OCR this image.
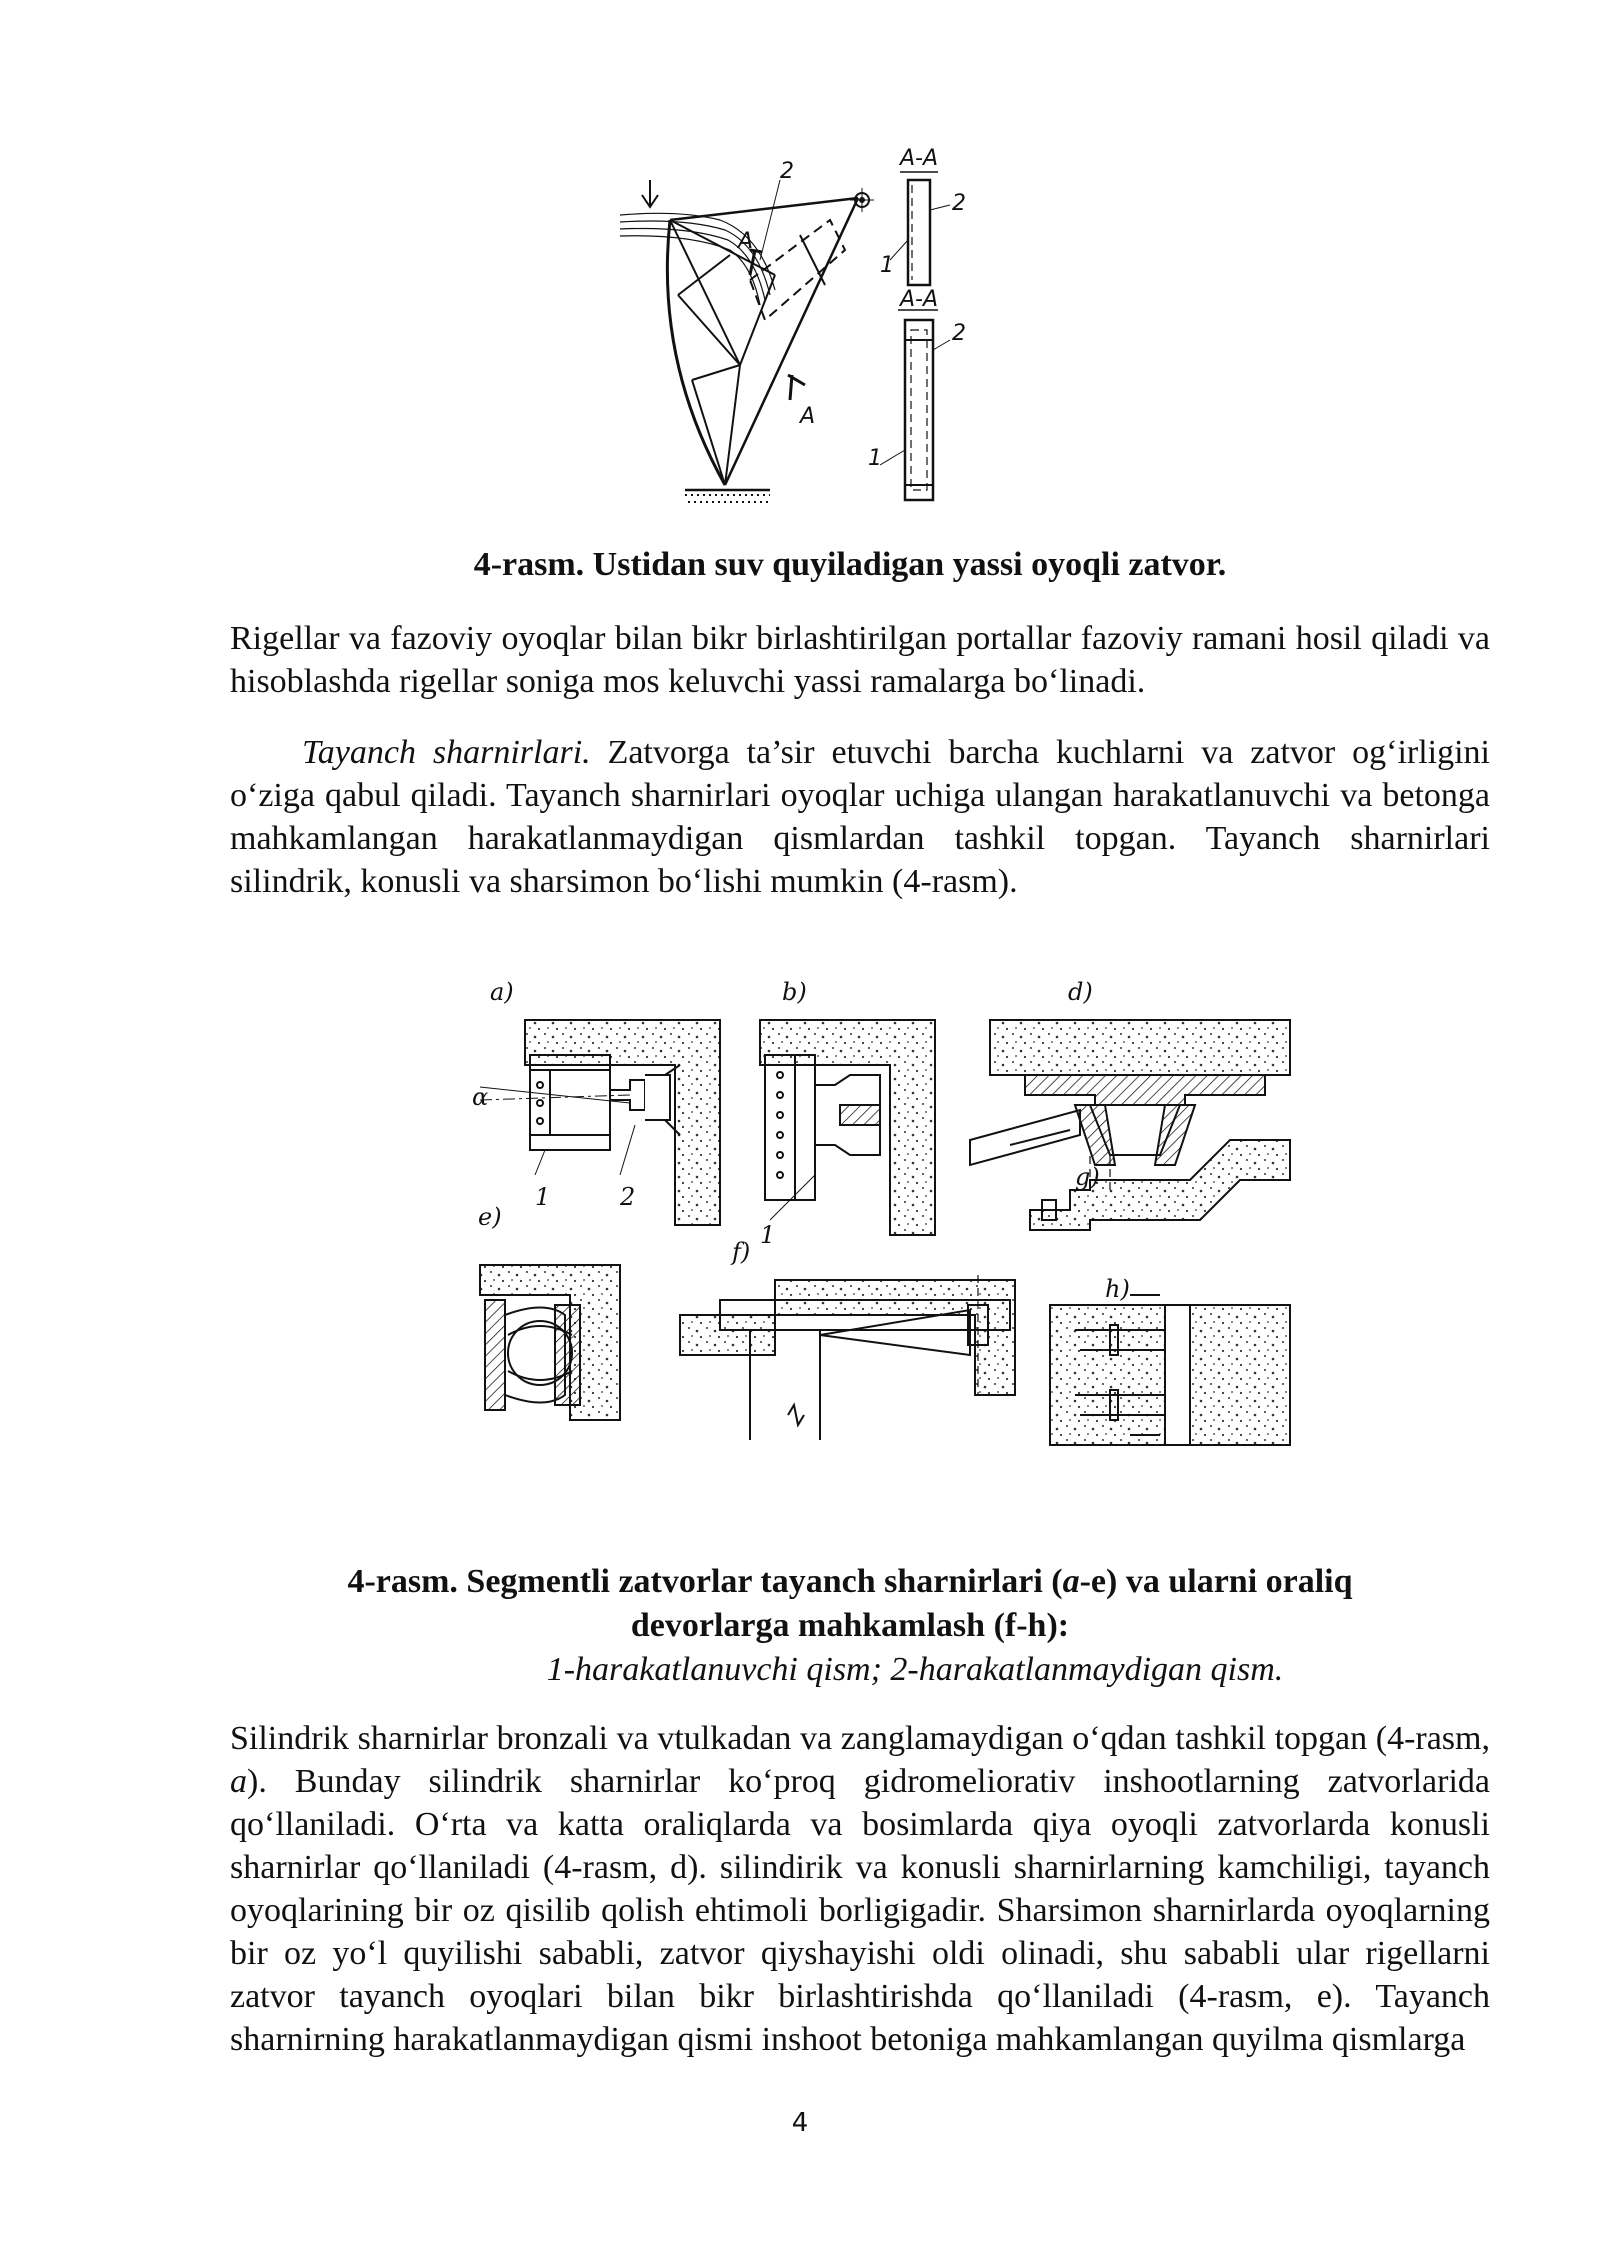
A-A
A-A
A
A
2
1
2
1
2
4-rasm. Ustidan suv quyiladigan yassi oyoqli zatvor.

Rigellar va fazoviy oyoqlar bilan bikr birlashtirilgan portallar fazoviy ramani hosil qiladi va hisoblashda rigellar soniga mos keluvchi yassi ramalarga bo‘linadi.

Tayanch sharnirlari. Zatvorga ta’sir etuvchi barcha kuchlarni va zatvor og‘irligini o‘ziga qabul qiladi. Tayanch sharnirlari oyoqlar uchiga ulangan harakatlanuvchi va betonga mahkamlangan harakatlanmaydigan qismlardan tashkil topgan. Tayanch sharnirlari silindrik, konusli va sharsimon bo‘lishi mumkin (4-rasm).

a)	b)	d)
e)
f)
g)
h)
1	2
1
α
4-rasm. Segmentli zatvorlar tayanch sharnirlari (a-e) va ularni oraliq
devorlarga mahkamlash (f-h):
1-harakatlanuvchi qism; 2-harakatlanmaydigan qism.

Silindrik sharnirlar bronzali va vtulkadan va zanglamaydigan o‘qdan tashkil topgan (4-rasm, a). Bunday silindrik sharnirlar ko‘proq gidromeliorativ inshootlarning zatvorlarida qo‘llaniladi. O‘rta va katta oraliqlarda va bosimlarda qiya oyoqli zatvorlarda konusli sharnirlar qo‘llaniladi (4-rasm, d). silindirik va konusli sharnirlarning kamchiligi, tayanch oyoqlarining bir oz qisilib qolish ehtimoli borligigadir. Sharsimon sharnirlarda oyoqlarning bir oz yo‘l quyilishi sababli, zatvor qiyshayishi oldi olinadi, shu sababli ular rigellarni zatvor tayanch oyoqlari bilan bikr birlashtirishda qo‘llaniladi (4-rasm, e). Tayanch sharnirning harakatlanmaydigan qismi inshoot betoniga mahkamlangan quyilma qismlarga

4
